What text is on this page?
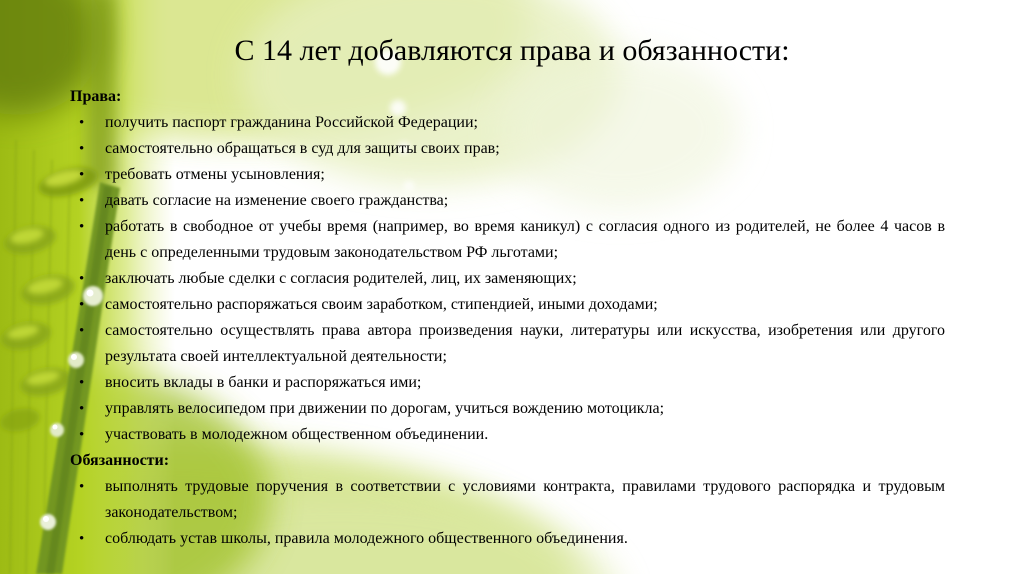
С 14 лет добавляются права и обязанности:

Права:

• получить паспорт гражданина Российской Федерации;

• самостоятельно обращаться в суд для защиты своих прав;

• требовать отмены усыновления;

• давать согласие на изменение своего гражданства;

• работать в свободное от учебы время (например, во время каникул) с согласия одного из родителей, не более 4 часов в день с определенными трудовым законодательством РФ льготами;

• заключать любые сделки с согласия родителей, лиц, их заменяющих;

• самостоятельно распоряжаться своим заработком, стипендией, иными доходами;

• самостоятельно осуществлять права автора произведения науки, литературы или искусства, изобретения или другого результата своей интеллектуальной деятельности;

• вносить вклады в банки и распоряжаться ими;

• управлять велосипедом при движении по дорогам, учиться вождению мотоцикла;

• участвовать в молодежном общественном объединении.

Обязанности:

• выполнять трудовые поручения в соответствии с условиями контракта, правилами трудового распорядка и трудовым законодательством;

• соблюдать устав школы, правила молодежного общественного объединения.
